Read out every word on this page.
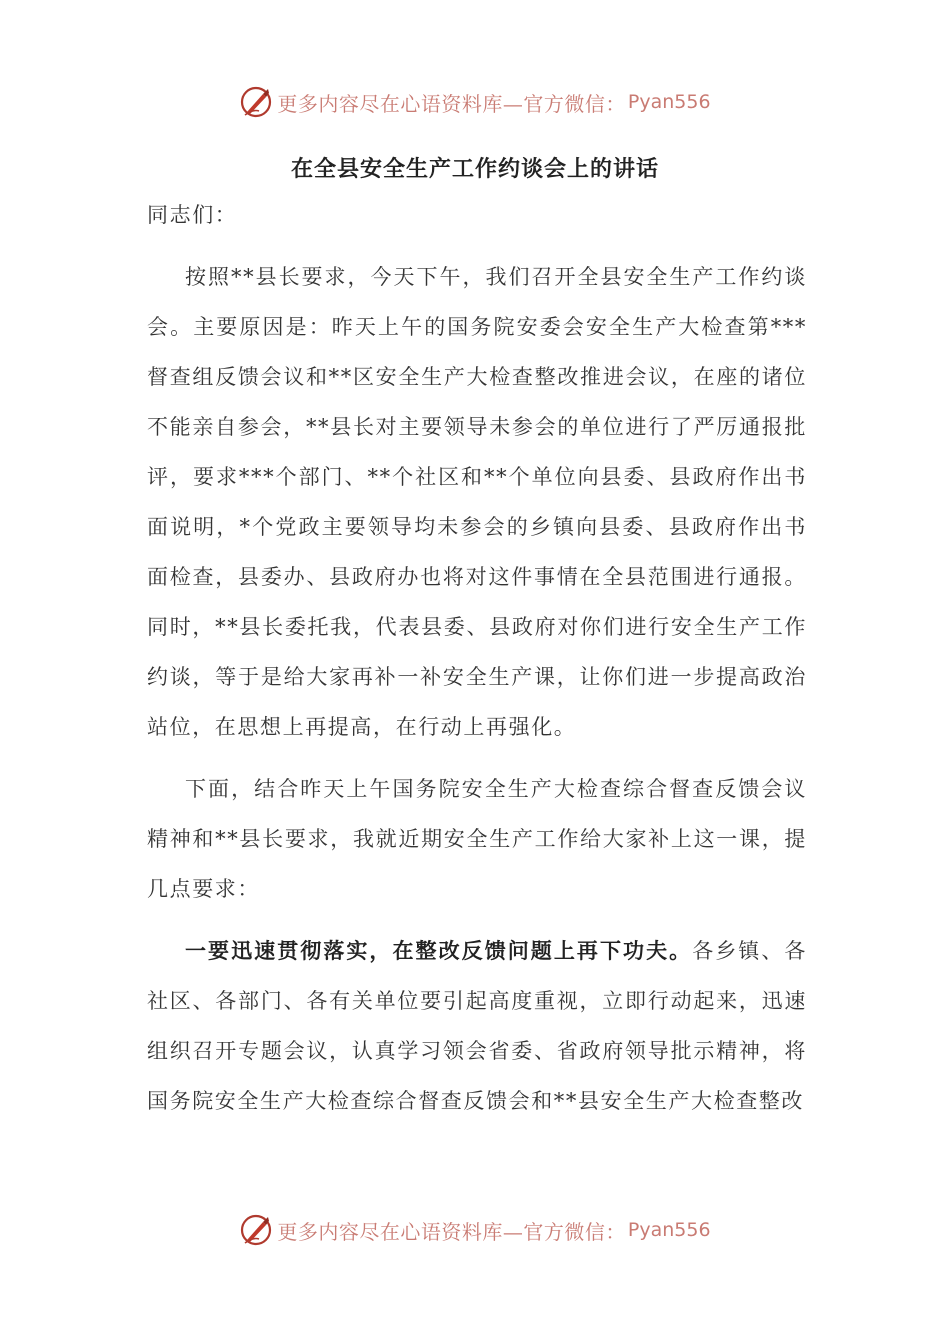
更多内容尽在心语资料库—官方微信： Pyan556
在全县安全生产工作约谈会上的讲话

同志们：

按照**县长要求，今天下午，我们召开全县安全生产工作约谈会。主要原因是：昨天上午的国务院安委会安全生产大检查第***督查组反馈会议和**区安全生产大检查整改推进会议，在座的诸位不能亲自参会，**县长对主要领导未参会的单位进行了严厉通报批评，要求***个部门、**个社区和**个单位向县委、县政府作出书面说明，*个党政主要领导均未参会的乡镇向县委、县政府作出书面检查，县委办、县政府办也将对这件事情在全县范围进行通报。同时，**县长委托我，代表县委、县政府对你们进行安全生产工作约谈，等于是给大家再补一补安全生产课，让你们进一步提高政治站位，在思想上再提高，在行动上再强化。

下面，结合昨天上午国务院安全生产大检查综合督查反馈会议精神和**县长要求，我就近期安全生产工作给大家补上这一课，提几点要求：

一要迅速贯彻落实，在整改反馈问题上再下功夫。各乡镇、各社区、各部门、各有关单位要引起高度重视，立即行动起来，迅速组织召开专题会议，认真学习领会省委、省政府领导批示精神，将国务院安全生产大检查综合督查反馈会和**县安全生产大检查整改

更多内容尽在心语资料库—官方微信： Pyan556
